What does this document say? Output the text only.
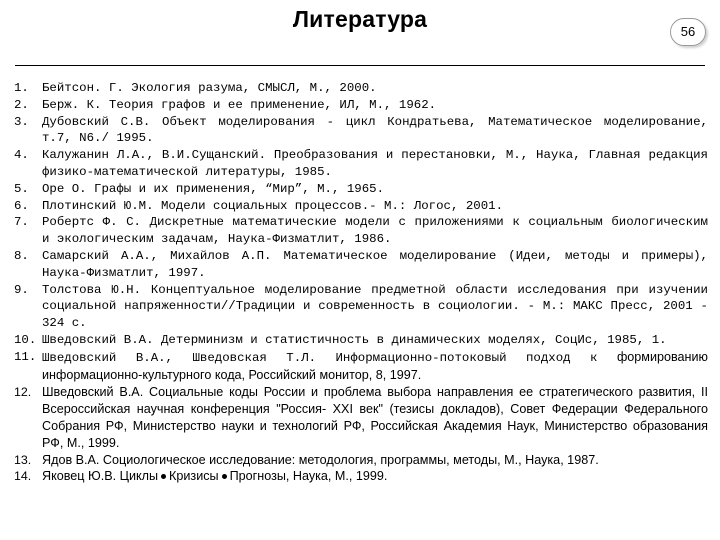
Литература	56
1. Бейтсон. Г. Экология разума, СМЫСЛ, М., 2000.
2. Берж. К. Теория графов и ее применение, ИЛ, М., 1962.
3. Дубовский С.В. Объект моделирования - цикл Кондратьева, Математическое моделирование, т.7, N6./ 1995.
4. Калужанин Л.А., В.И.Сущанский. Преобразования и перестановки, М., Наука, Главная редакция физико-математической литературы, 1985.
5. Оре О. Графы и их применения, “Мир”, М., 1965.
6. Плотинский Ю.М. Модели социальных процессов.- М.: Логос, 2001.
7. Робертс Ф. С. Дискретные математические модели с приложениями к социальным биологическим и экологическим задачам, Наука-Физматлит, 1986.
8. Самарский А.А., Михайлов А.П. Математическое моделирование (Идеи, методы и примеры), Наука-Физматлит, 1997.
9. Толстова Ю.Н. Концептуальное моделирование предметной области исследования при изучении социальной напряженности//Традиции и современность в социологии. - М.: МАКС Пресс, 2001 - 324 с.
10. Шведовский В.А. Детерминизм и статистичность в динамических моделях, СоцИс, 1985, 1.
11. Шведовский В.А., Шведовская Т.Л. Информационно-потоковый подход к формированию информационно-культурного кода, Российский монитор, 8, 1997.
12. Шведовский В.А. Социальные коды России и проблема выбора направления ее стратегического развития, II Всероссийская научная конференция "Россия- XXI век" (тезисы докладов), Совет Федерации Федерального Собрания РФ, Министерство науки и технологий РФ, Российская Академия Наук, Министерство образования РФ, М., 1999.
13. Ядов В.А. Социологическое исследование: методология, программы, методы, М., Наука, 1987.
14. Яковец Ю.В. Циклы Кризисы Прогнозы, Наука, М., 1999.
